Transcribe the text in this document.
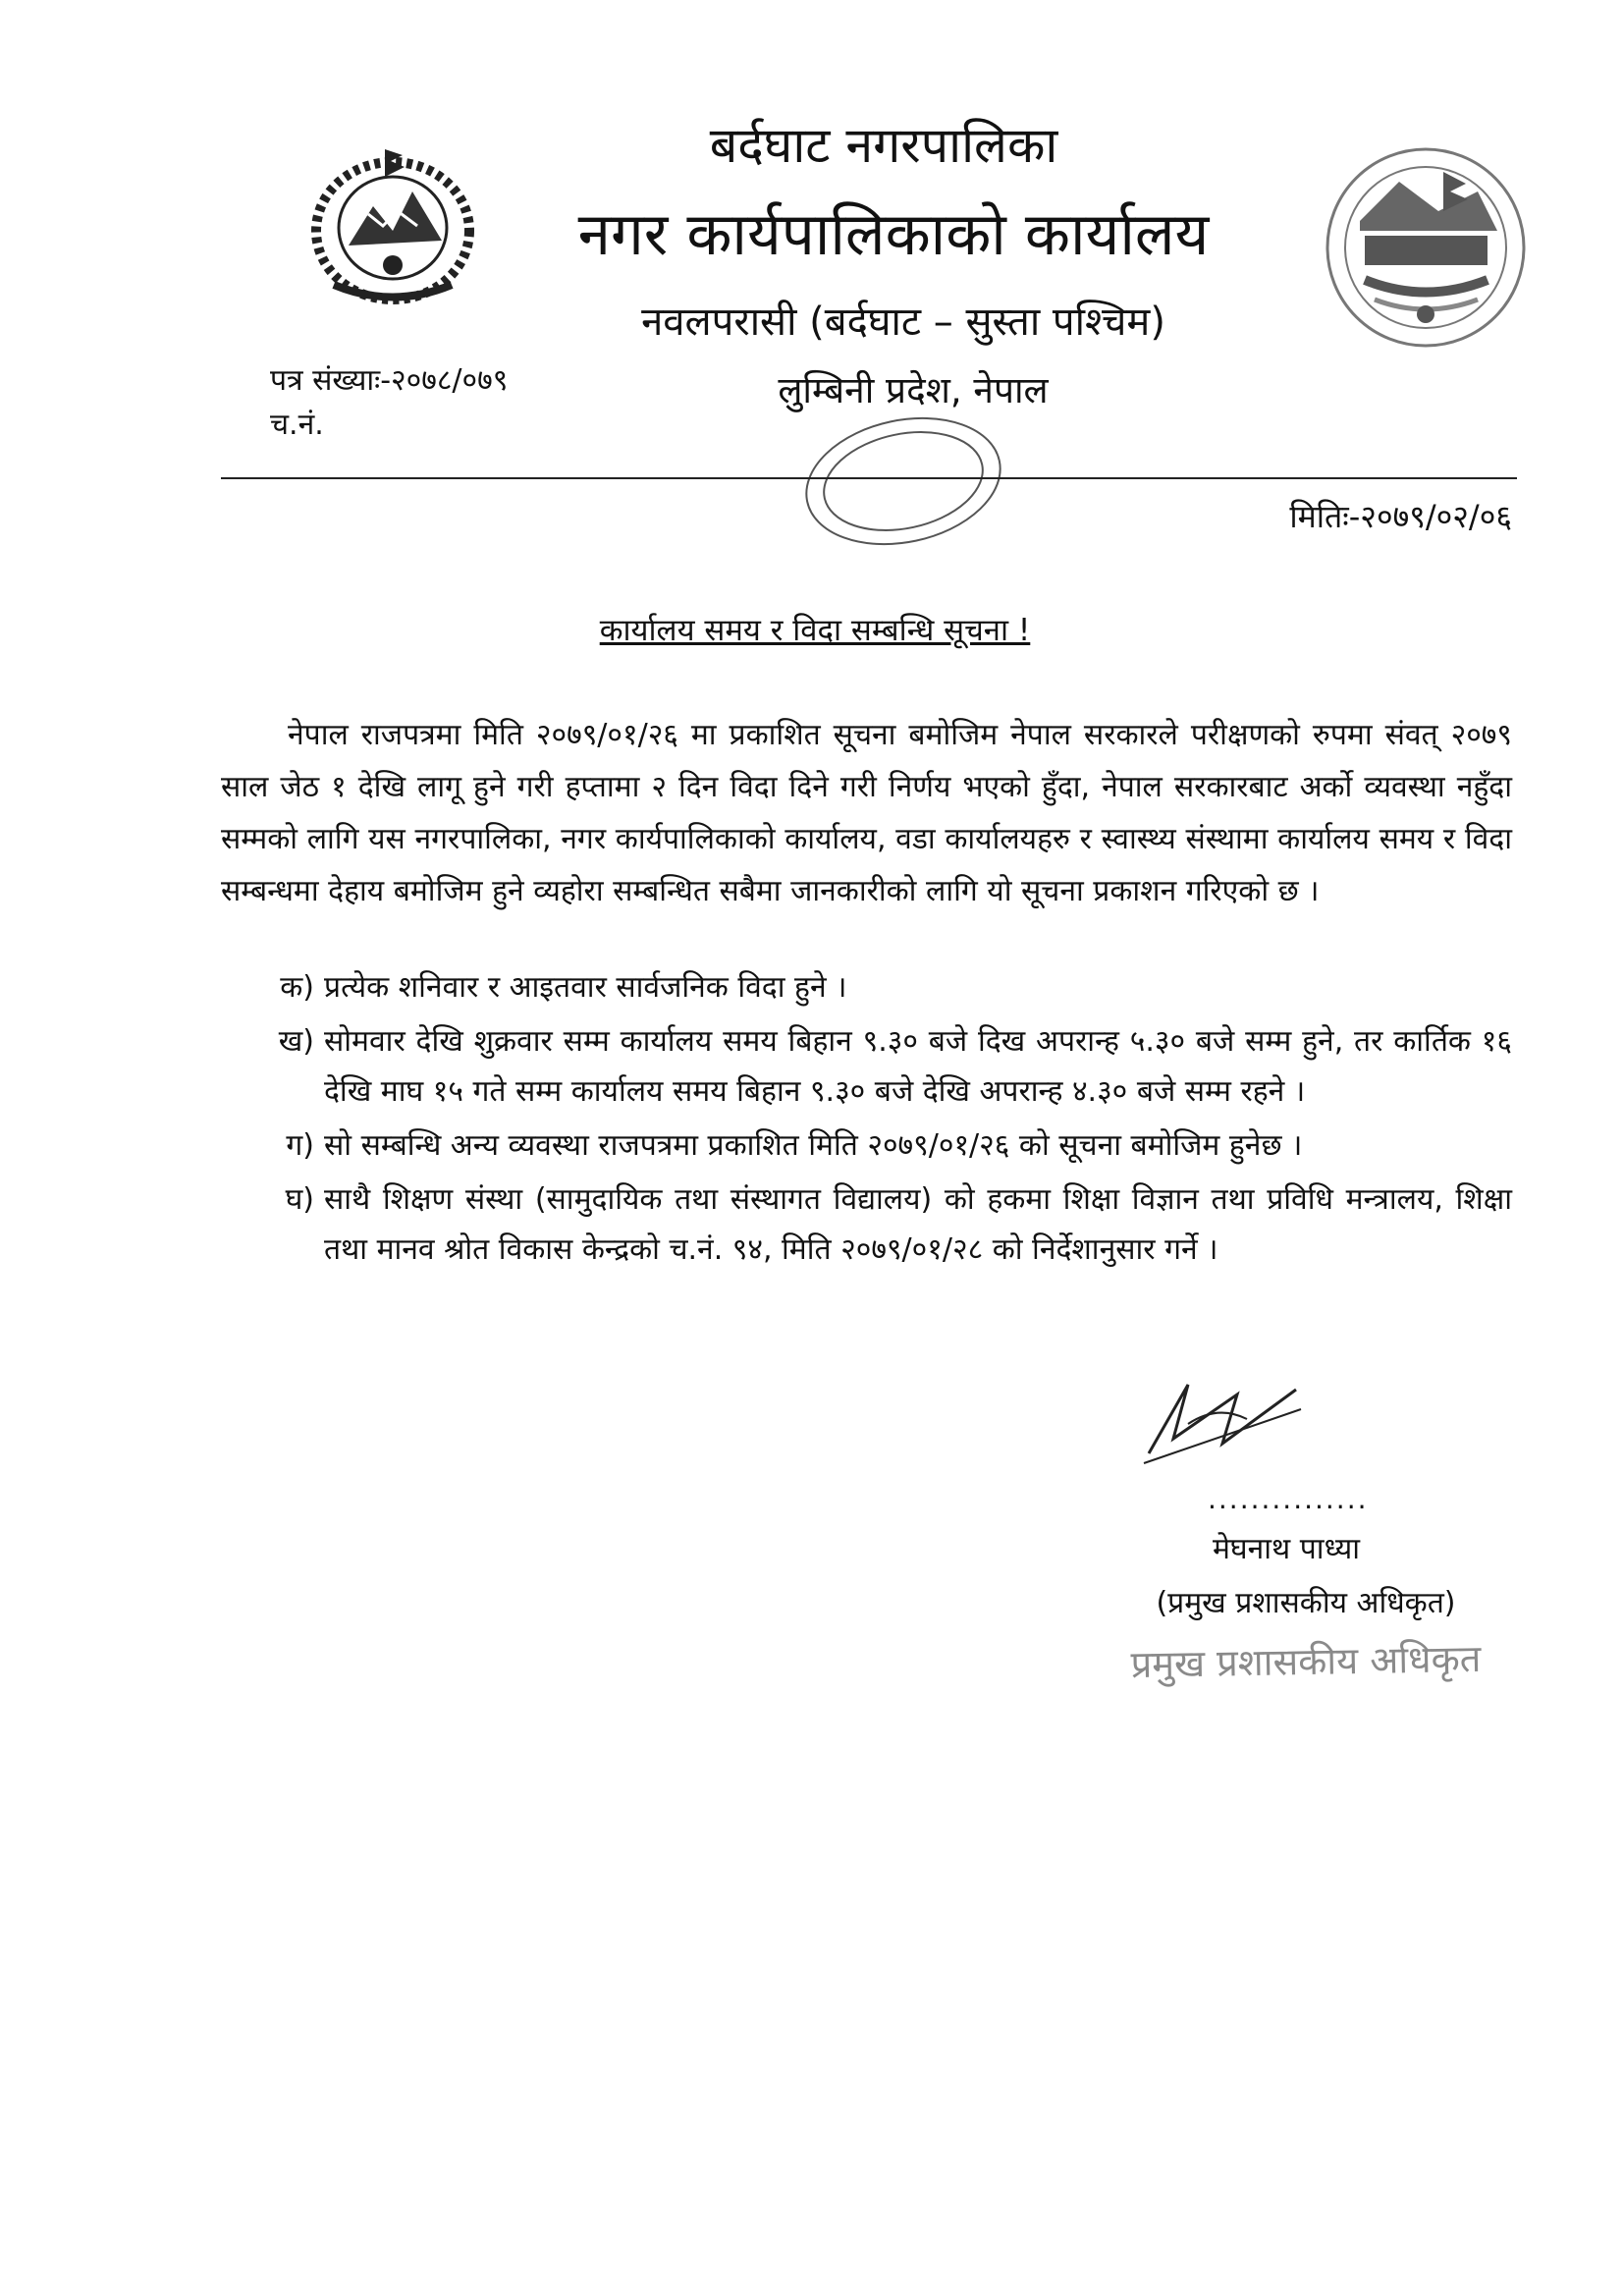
बर्दघाट नगरपालिका
नगर कार्यपालिकाको कार्यालय
नवलपरासी (बर्दघाट – सुस्ता पश्चिम)
लुम्बिनी प्रदेश, नेपाल
पत्र संख्याः-२०७८/०७९
च.नं.
मितिः-२०७९/०२/०६
कार्यालय समय र विदा सम्बन्धि सूचना !
नेपाल राजपत्रमा मिति २०७९/०१/२६ मा प्रकाशित सूचना बमोजिम नेपाल सरकारले परीक्षणको रुपमा संवत् २०७९ साल जेठ १ देखि लागू हुने गरी हप्तामा २ दिन विदा दिने गरी निर्णय भएको हुँदा, नेपाल सरकारबाट अर्को व्यवस्था नहुँदा सम्मको लागि यस नगरपालिका, नगर कार्यपालिकाको कार्यालय, वडा कार्यालयहरु र स्वास्थ्य संस्थामा कार्यालय समय र विदा सम्बन्धमा देहाय बमोजिम हुने व्यहोरा सम्बन्धित सबैमा जानकारीको लागि यो सूचना प्रकाशन गरिएको छ ।
क) प्रत्येक शनिवार र आइतवार सार्वजनिक विदा हुने ।
ख) सोमवार देखि शुक्रवार सम्म कार्यालय समय बिहान ९.३० बजे दिख अपरान्ह ५.३० बजे सम्म हुने, तर कार्तिक १६ देखि माघ १५ गते सम्म कार्यालय समय बिहान ९.३० बजे देखि अपरान्ह ४.३० बजे सम्म रहने ।
ग) सो सम्बन्धि अन्य व्यवस्था राजपत्रमा प्रकाशित मिति २०७९/०१/२६ को सूचना बमोजिम हुनेछ ।
घ) साथै शिक्षण संस्था (सामुदायिक तथा संस्थागत विद्यालय) को हकमा शिक्षा विज्ञान तथा प्रविधि मन्त्रालय, शिक्षा तथा मानव श्रोत विकास केन्द्रको च.नं. ९४, मिति २०७९/०१/२८ को निर्देशानुसार गर्ने ।
...............
मेघनाथ पाध्या
(प्रमुख प्रशासकीय अधिकृत)
प्रमुख प्रशासकीय अधिकृत
